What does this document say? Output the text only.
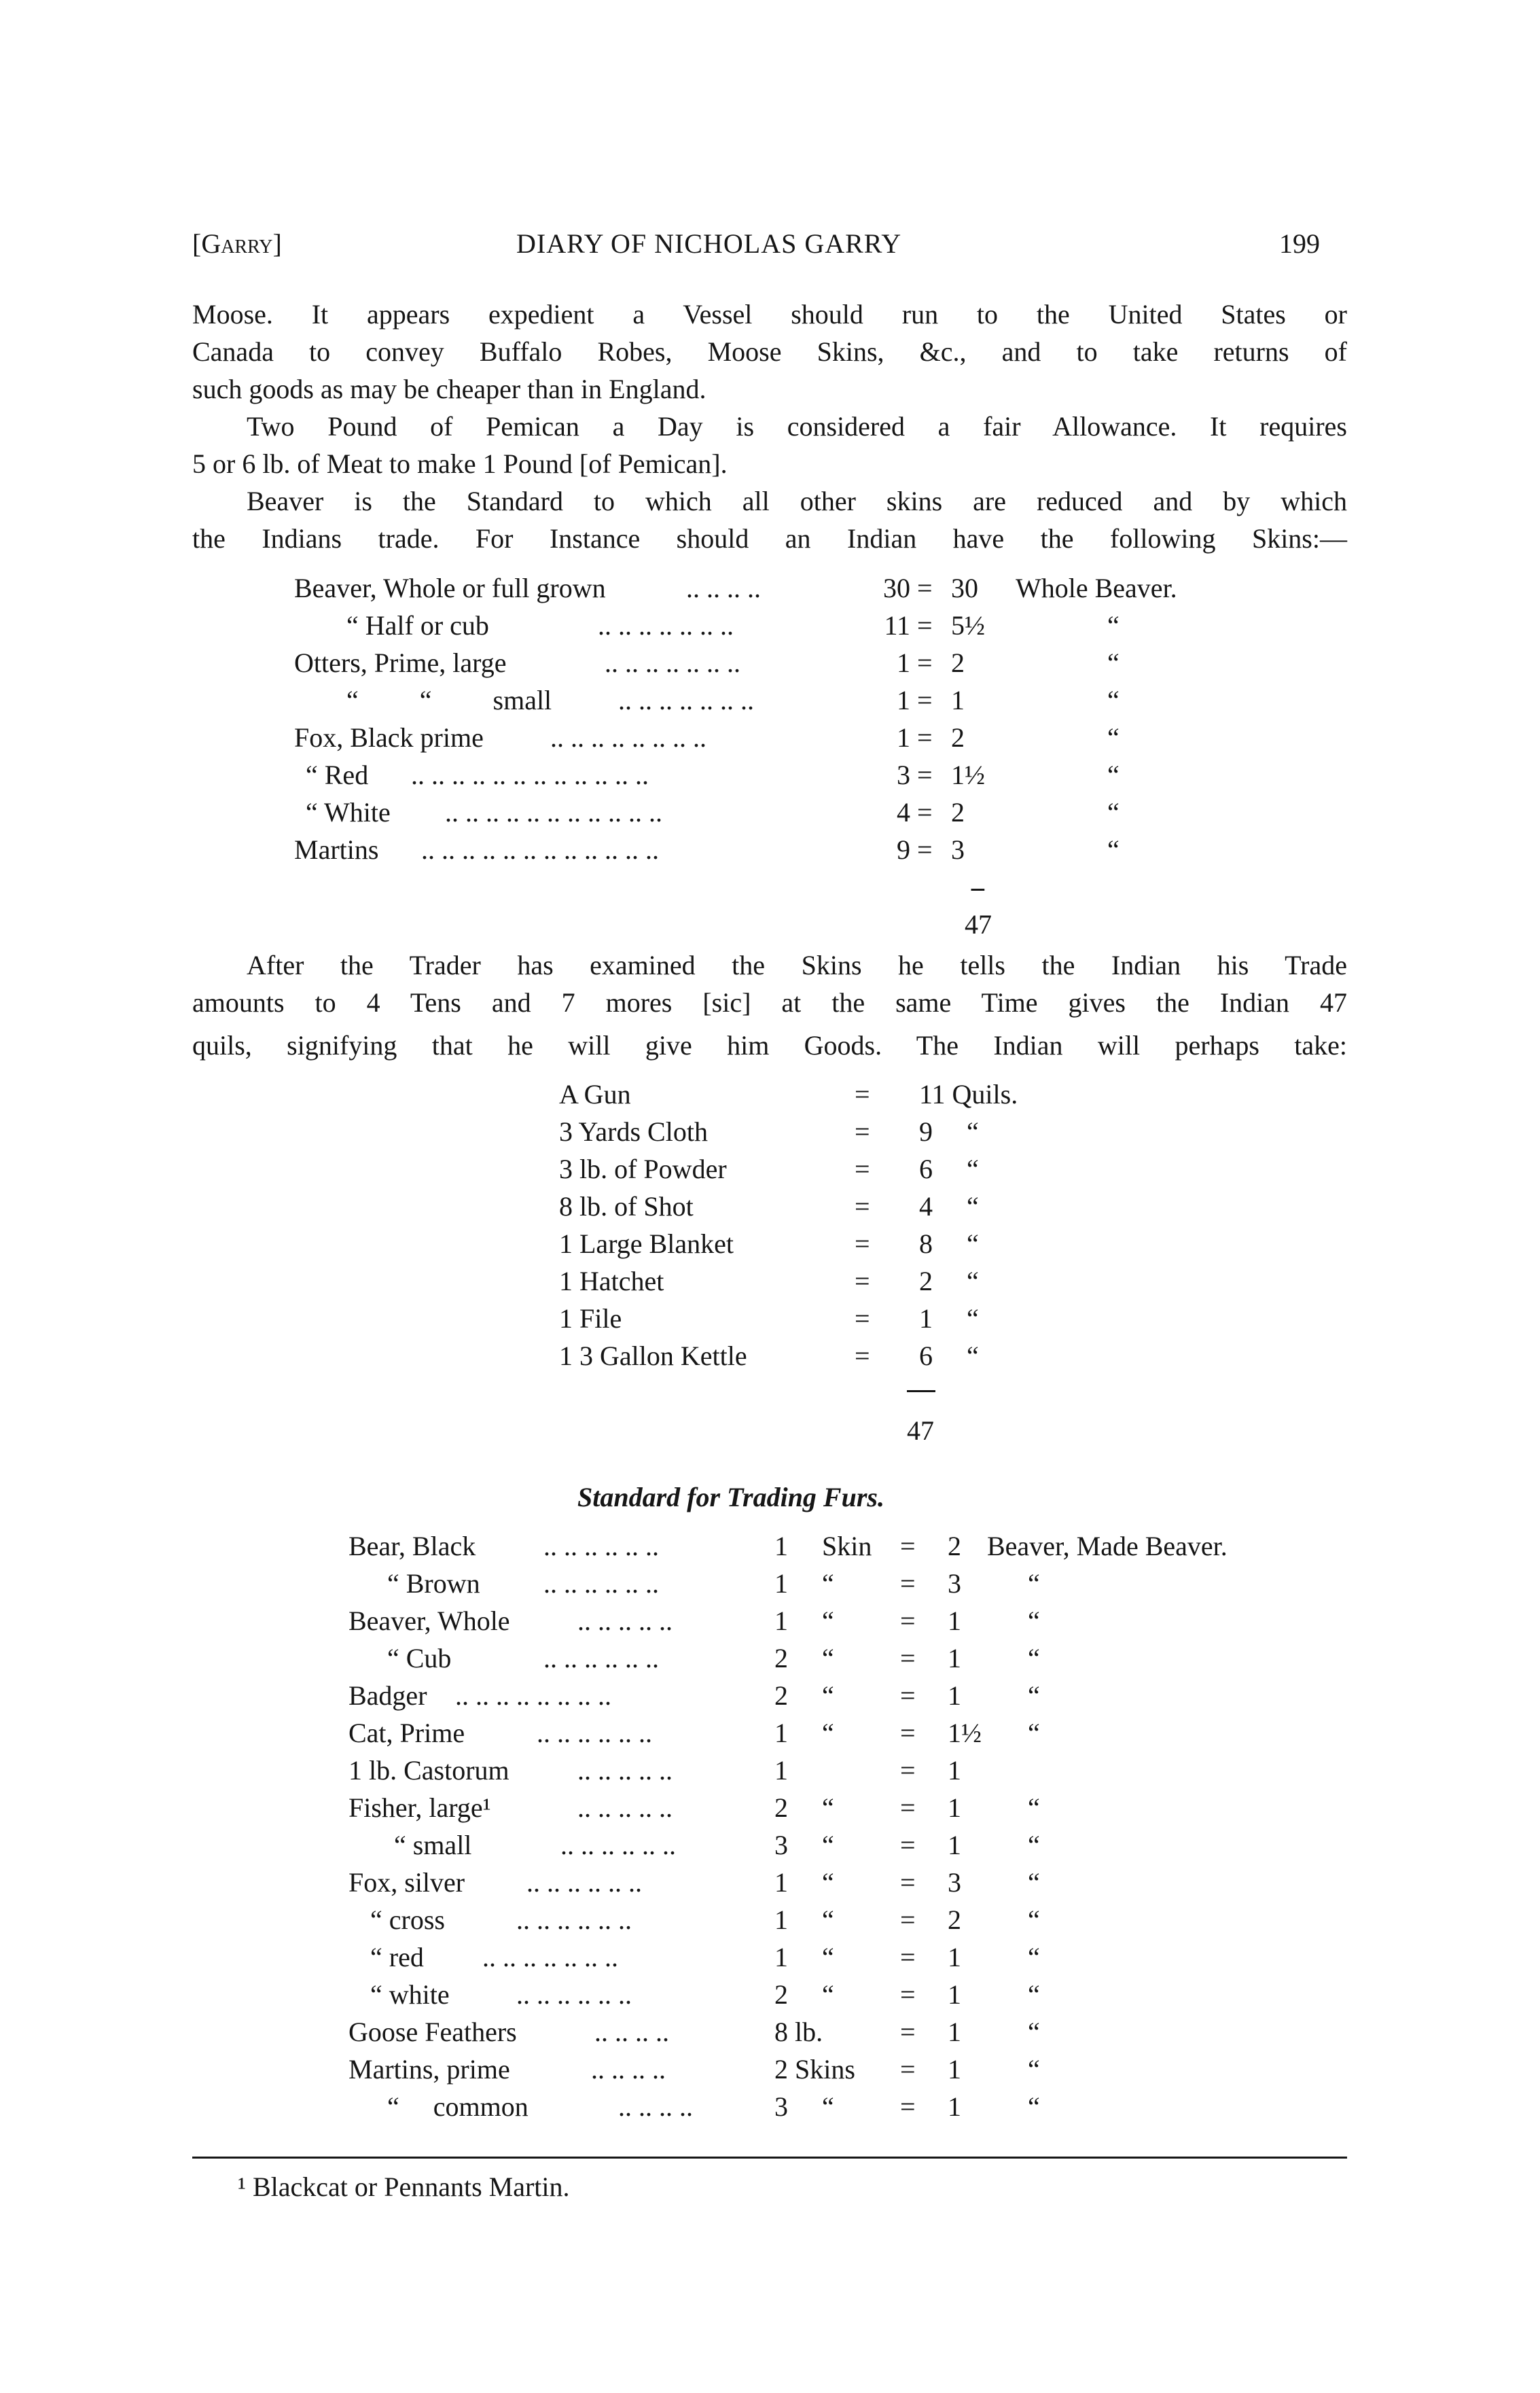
[Garry]	DIARY OF NICHOLAS GARRY	199
Moose. It appears expedient a Vessel should run to the United States or
Canada to convey Buffalo Robes, Moose Skins, &c., and to take returns of
such goods as may be cheaper than in England.
Two Pound of Pemican a Day is considered a fair Allowance. It requires
5 or 6 lb. of Meat to make 1 Pound [of Pemican].
Beaver is the Standard to which all other skins are reduced and by which
the Indians trade. For Instance should an Indian have the following Skins:—
Beaver, Whole or full grown	.. .. .. ..	30 = 30 Whole Beaver.
“ Half or cub	.. .. .. .. .. .. ..	11 = 5½	“
Otters, Prime, large	.. .. .. .. .. .. ..	1 = 2	“
“ “ small .. .. .. .. .. .. ..	1 = 1	“
Fox, Black prime .. .. .. .. .. .. .. ..	1 = 2	“
“ Red .. .. .. .. .. .. .. .. .. .. .. ..	3 = 1½	“
“ White .. .. .. .. .. .. .. .. .. .. ..	4 = 2	“
Martins .. .. .. .. .. .. .. .. .. .. .. ..	9 = 3	“
--
47
After the Trader has examined the Skins he tells the Indian his Trade
amounts to 4 Tens and 7 mores [sic] at the same Time gives the Indian 47
quils, signifying that he will give him Goods. The Indian will perhaps take:
A Gun	= 11 Quils.
3 Yards Cloth	= 9 “
3 lb. of Powder	= 6 “
8 lb. of Shot	= 4 “
1 Large Blanket	= 8 “
1 Hatchet	= 2 “
1 File	= 1 “
1 3 Gallon Kettle	= 6 “
47
Standard for Trading Furs.
Bear, Black .. .. .. .. .. ..	1 Skin = 2 Beaver, Made Beaver.
“ Brown .. .. .. .. .. ..	1 “ = 3 “
Beaver, Whole .. .. .. .. ..	1 “ = 1 “
“ Cub	.. .. .. .. .. ..	2 “ = 1 “
Badger .. .. .. .. .. .. .. ..	2 “ = 1 “
Cat, Prime	.. .. .. .. .. ..	1 “ = 1½ “
1 lb. Castorum	.. .. .. .. ..	1	= 1
Fisher, large¹	.. .. .. .. ..	2 “ = 1 “
“ small	.. .. .. .. .. ..	3 “ = 1 “
Fox, silver .. .. .. .. .. ..	1 “ = 3 “
“ cross	.. .. .. .. .. ..	1 “ = 2 “
“ red .. .. .. .. .. .. ..	1 “ = 1 “
“ white .. .. .. .. .. ..	2 “ = 1 “
Goose Feathers	.. .. .. ..	8 lb.	= 1 “
Martins, prime	.. .. .. ..	2 Skins = 1 “
“ common	.. .. .. ..	3 “ = 1 “
¹ Blackcat or Pennants Martin.
